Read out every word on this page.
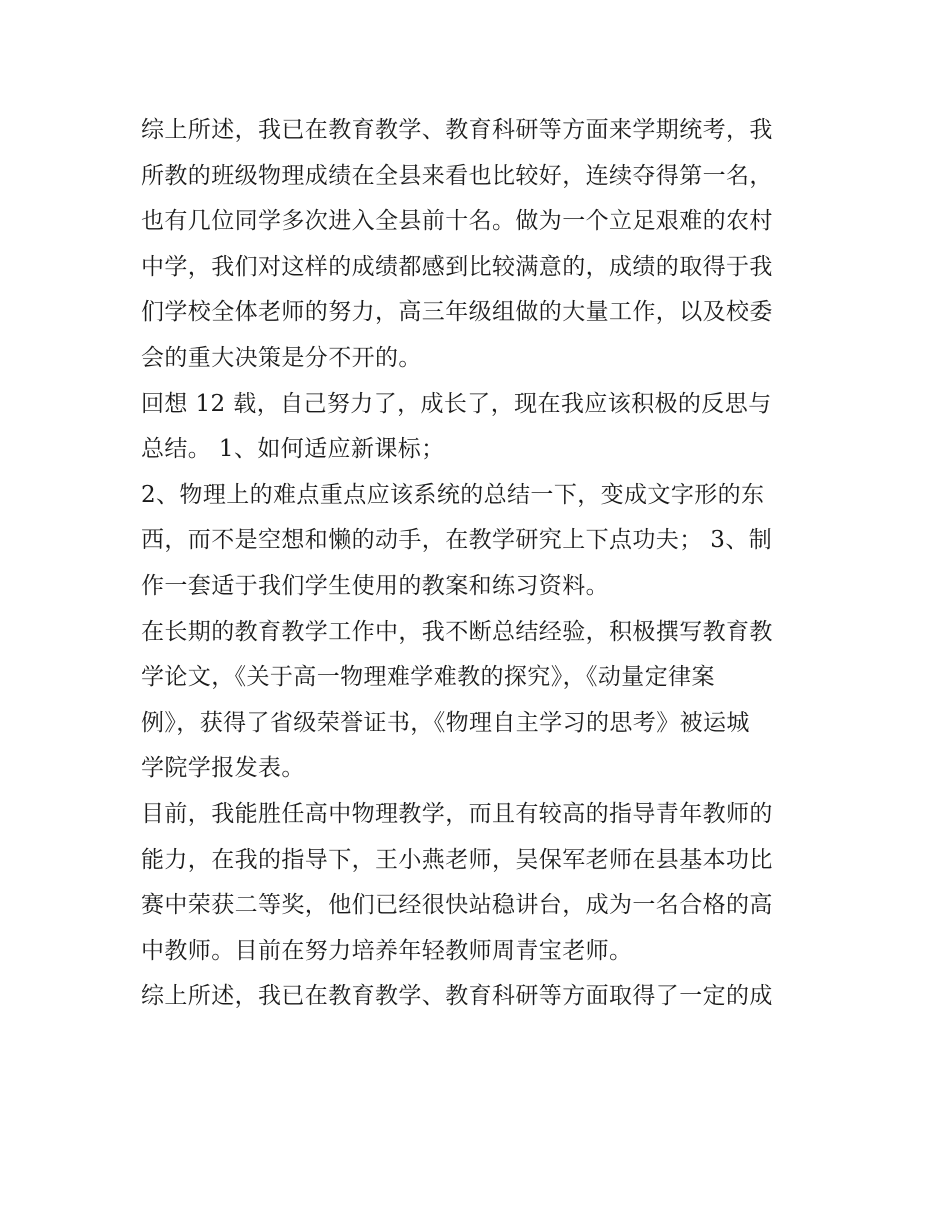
综上所述，我已在教育教学、教育科研等方面来学期统考，我
所教的班级物理成绩在全县来看也比较好，连续夺得第一名，
也有几位同学多次进入全县前十名。做为一个立足艰难的农村
中学，我们对这样的成绩都感到比较满意的，成绩的取得于我
们学校全体老师的努力，高三年级组做的大量工作，以及校委
会的重大决策是分不开的。
回想 12 载，自己努力了，成长了，现在我应该积极的反思与
总结。 1、如何适应新课标；
2、物理上的难点重点应该系统的总结一下，变成文字形的东
西，而不是空想和懒的动手，在教学研究上下点功夫； 3、制
作一套适于我们学生使用的教案和练习资料。
在长期的教育教学工作中，我不断总结经验，积极撰写教育教
学论文，《关于高一物理难学难教的探究》，《动量定律案
例》，获得了省级荣誉证书，《物理自主学习的思考》被运城
学院学报发表。
目前，我能胜任高中物理教学，而且有较高的指导青年教师的
能力，在我的指导下，王小燕老师，吴保军老师在县基本功比
赛中荣获二等奖，他们已经很快站稳讲台，成为一名合格的高
中教师。目前在努力培养年轻教师周青宝老师。
综上所述，我已在教育教学、教育科研等方面取得了一定的成
